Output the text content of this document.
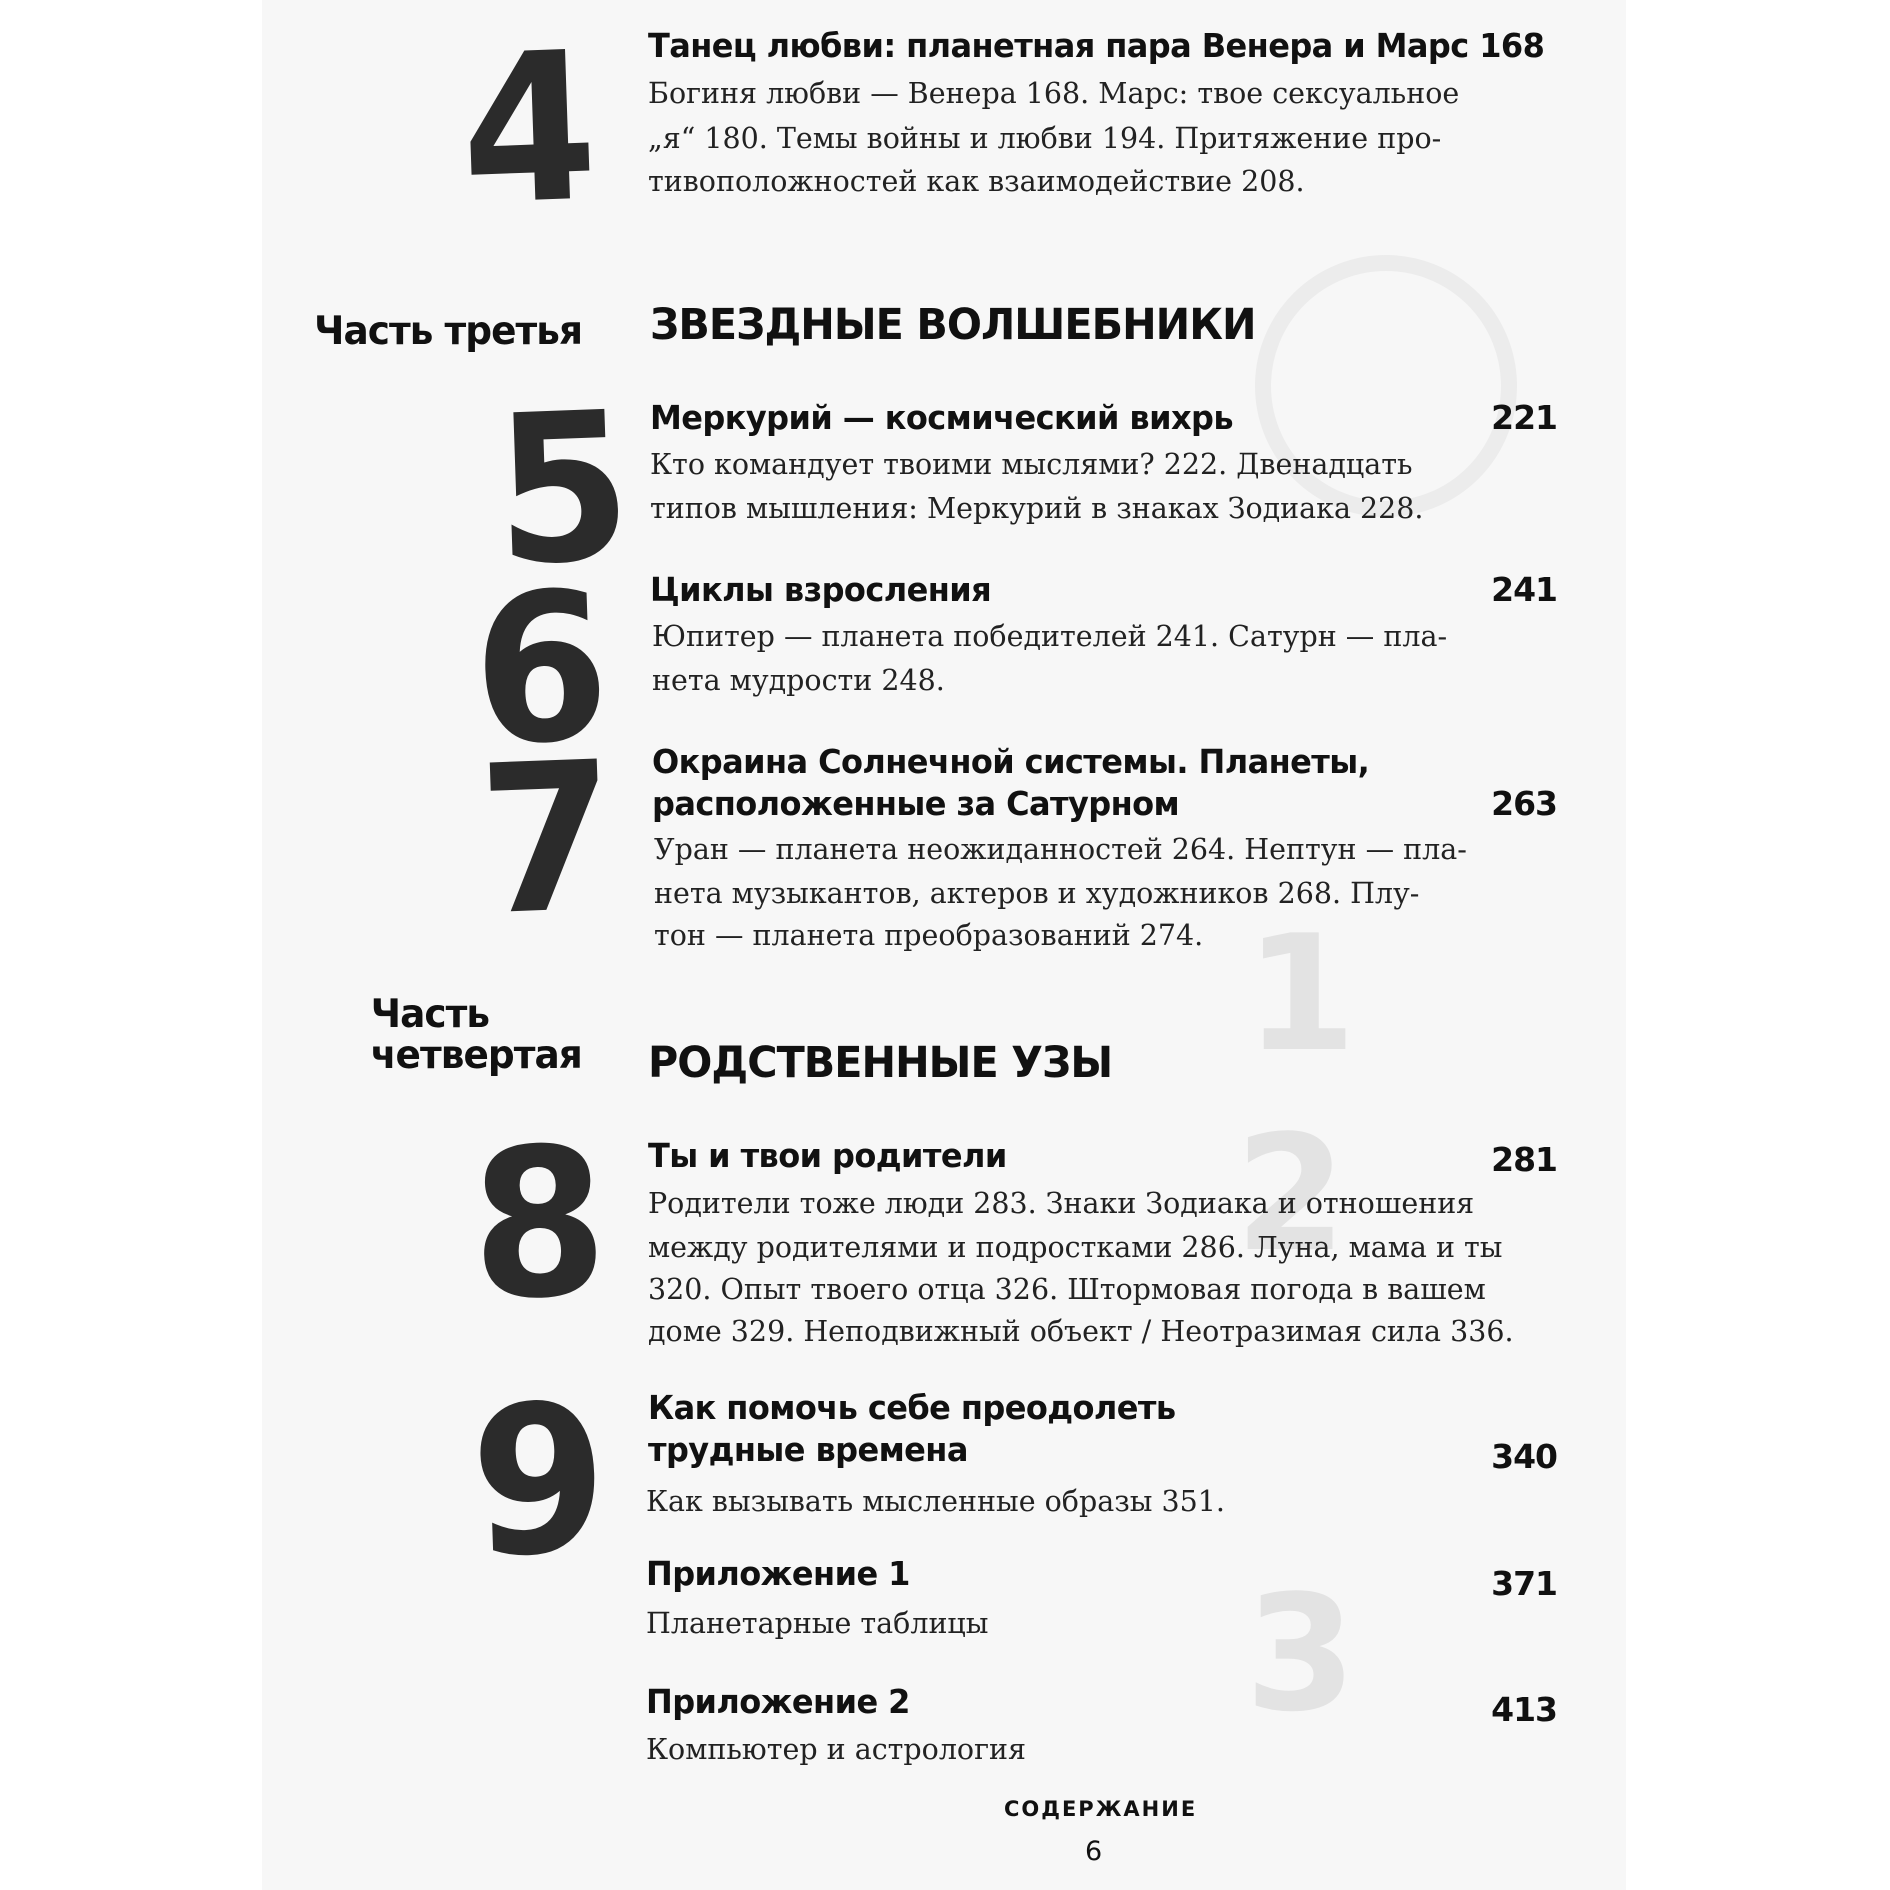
1
2
3
4 Танец любви: планетная пара Венера и Марс 168
Богиня любви — Венера 168. Марс: твое сексуальное
„я“ 180. Темы войны и любви 194. Притяжение про-
тивоположностей как взаимодействие 208.
Часть третья ЗВЕЗДНЫЕ ВОЛШЕБНИКИ
5 Меркурий — космический вихрь	221
Кто командует твоими мыслями? 222. Двенадцать
типов мышления: Меркурий в знаках Зодиака 228.
6 Циклы взросления	241
Юпитер — планета победителей 241. Сатурн — пла-
нета мудрости 248.
7 Окраина Солнечной системы. Планеты,
расположенные за Сатурном	263
Уран — планета неожиданностей 264. Нептун — пла-
нета музыкантов, актеров и художников 268. Плу-
тон — планета преобразований 274.
Часть
четвертая РОДСТВЕННЫЕ УЗЫ
8 Ты и твои родители	281
Родители тоже люди 283. Знаки Зодиака и отношения
между родителями и подростками 286. Луна, мама и ты
320. Опыт твоего отца 326. Штормовая погода в вашем
доме 329. Неподвижный объект / Неотразимая сила 336.
9 Как помочь себе преодолеть
трудные времена	340
Как вызывать мысленные образы 351.
Приложение 1	371
Планетарные таблицы
Приложение 2	413
Компьютер и астрология
СОДЕРЖАНИЕ
6
